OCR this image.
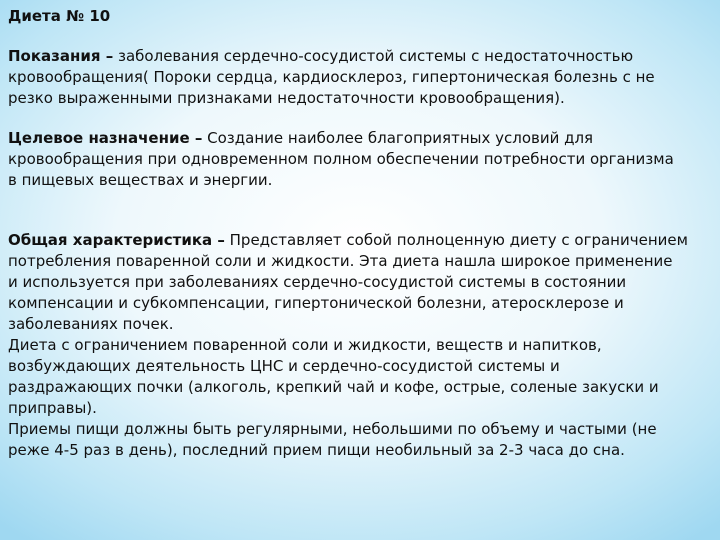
Диета № 10

Показания – заболевания сердечно-сосудистой системы с недостаточностью
кровообращения( Пороки сердца, кардиосклероз, гипертоническая болезнь с не
резко выраженными признаками недостаточности кровообращения).
Целевое назначение – Создание наиболее благоприятных условий для
кровообращения при одновременном полном обеспечении потребности организма
в пищевых веществах и энергии.
Общая характеристика – Представляет собой полноценную диету с ограничением
потребления поваренной соли и жидкости. Эта диета нашла широкое применение
и используется при заболеваниях сердечно-сосудистой системы в состоянии
компенсации и субкомпенсации, гипертонической болезни, атеросклерозе и
заболеваниях почек.
Диета с ограничением поваренной соли и жидкости, веществ и напитков,
возбуждающих деятельность ЦНС и сердечно-сосудистой системы и
раздражающих почки (алкоголь, крепкий чай и кофе, острые, соленые закуски и
приправы).
Приемы пищи должны быть регулярными, небольшими по объему и частыми (не
реже 4-5 раз в день), последний прием пищи необильный за 2-3 часа до сна.
